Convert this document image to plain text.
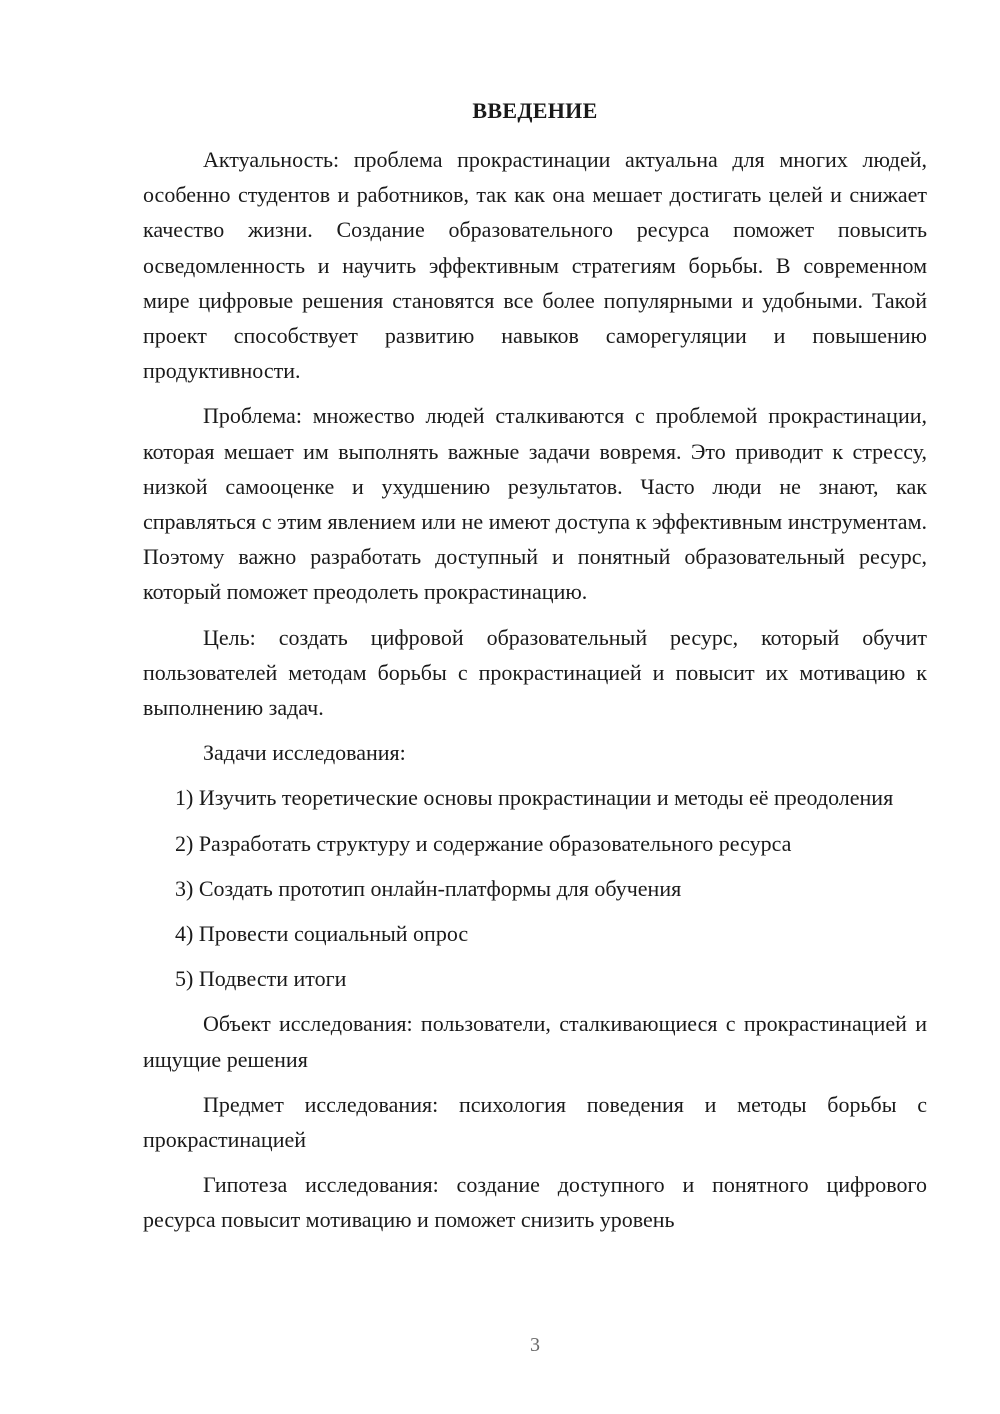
ВВЕДЕНИЕ

Актуальность: проблема прокрастинации актуальна для многих людей, особенно студентов и работников, так как она мешает достигать целей и снижает качество жизни. Создание образовательного ресурса поможет повысить осведомленность и научить эффективным стратегиям борьбы. В современном мире цифровые решения становятся все более популярными и удобными. Такой проект способствует развитию навыков саморегуляции и повышению продуктивности.

Проблема: множество людей сталкиваются с проблемой прокрастинации, которая мешает им выполнять важные задачи вовремя. Это приводит к стрессу, низкой самооценке и ухудшению результатов. Часто люди не знают, как справляться с этим явлением или не имеют доступа к эффективным инструментам. Поэтому важно разработать доступный и понятный образовательный ресурс, который поможет преодолеть прокрастинацию.

Цель: создать цифровой образовательный ресурс, который обучит пользователей методам борьбы с прокрастинацией и повысит их мотивацию к выполнению задач.

Задачи исследования:

1) Изучить теоретические основы прокрастинации и методы её преодоления

2) Разработать структуру и содержание образовательного ресурса

3) Создать прототип онлайн-платформы для обучения

4) Провести социальный опрос

5) Подвести итоги

Объект исследования: пользователи, сталкивающиеся с прокрастинацией и ищущие решения

Предмет исследования: психология поведения и методы борьбы с прокрастинацией

Гипотеза исследования: создание доступного и понятного цифрового ресурса повысит мотивацию и поможет снизить уровень

3
